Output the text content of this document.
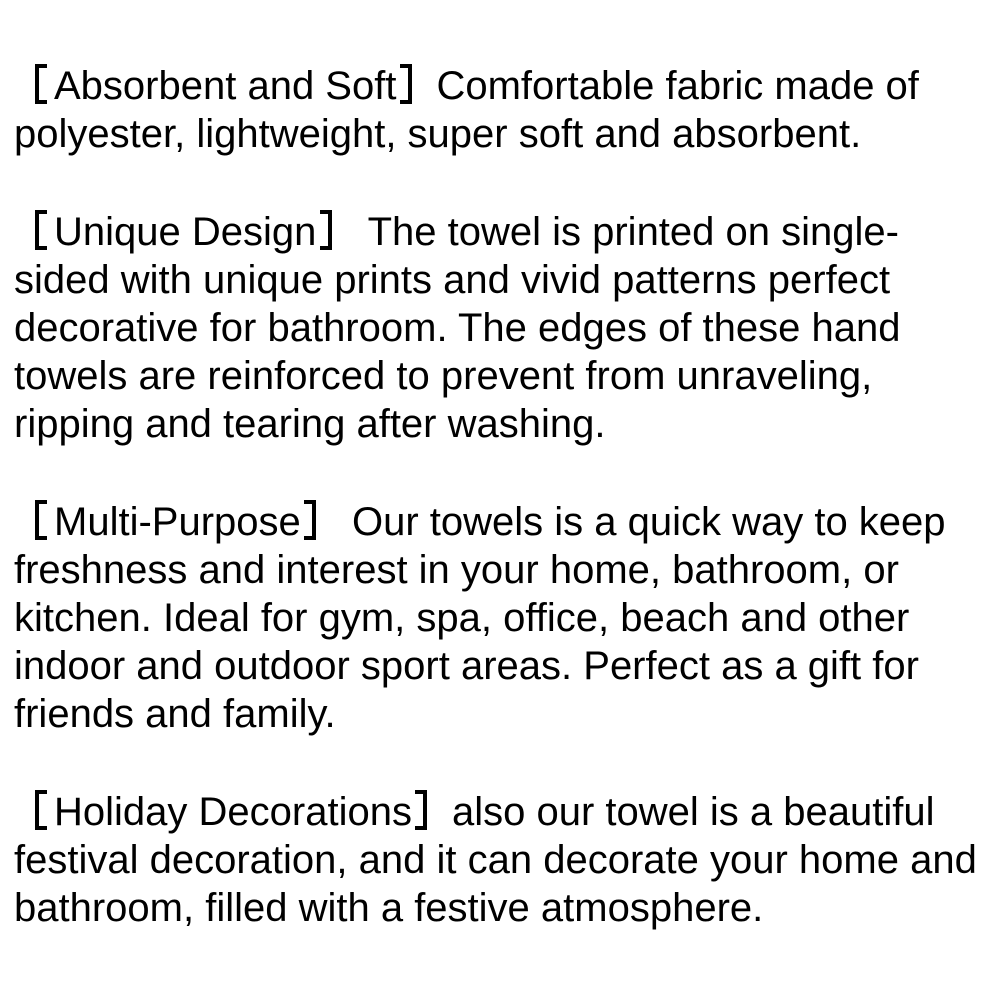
Absorbent and Soft Comfortable fabric made of polyester, lightweight, super soft and absorbent.

Unique Design The towel is printed on single-sided with unique prints and vivid patterns perfect decorative for bathroom. The edges of these hand towels are reinforced to prevent from unraveling, ripping and tearing after washing.

Multi-Purpose Our towels is a quick way to keep freshness and interest in your home, bathroom, or kitchen. Ideal for gym, spa, office, beach and other indoor and outdoor sport areas. Perfect as a gift for friends and family.

Holiday Decorations also our towel is a beautiful festival decoration, and it can decorate your home and bathroom, filled with a festive atmosphere.
